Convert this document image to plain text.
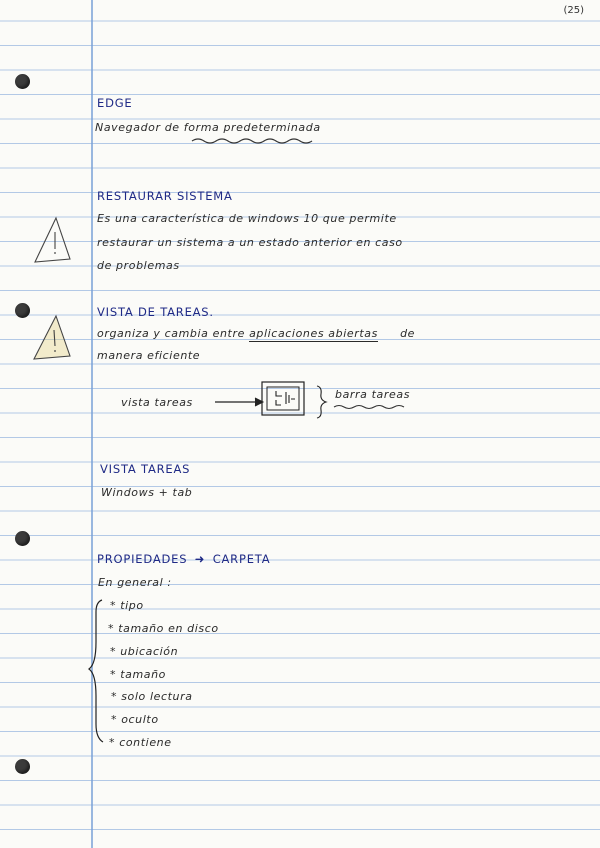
(25)
EDGE
Navegador de forma predeterminada
RESTAURAR SISTEMA
Es una característica de windows 10 que permite
restaurar un sistema a un estado anterior en caso
de problemas
VISTA DE TAREAS.
organiza y cambia entre aplicaciones abiertas de
manera eficiente
vista tareas
barra tareas
VISTA TAREAS
Windows + tab
PROPIEDADES ➜ CARPETA
En general :
* tipo
* tamaño en disco
* ubicación
* tamaño
* solo lectura
* oculto
* contiene
